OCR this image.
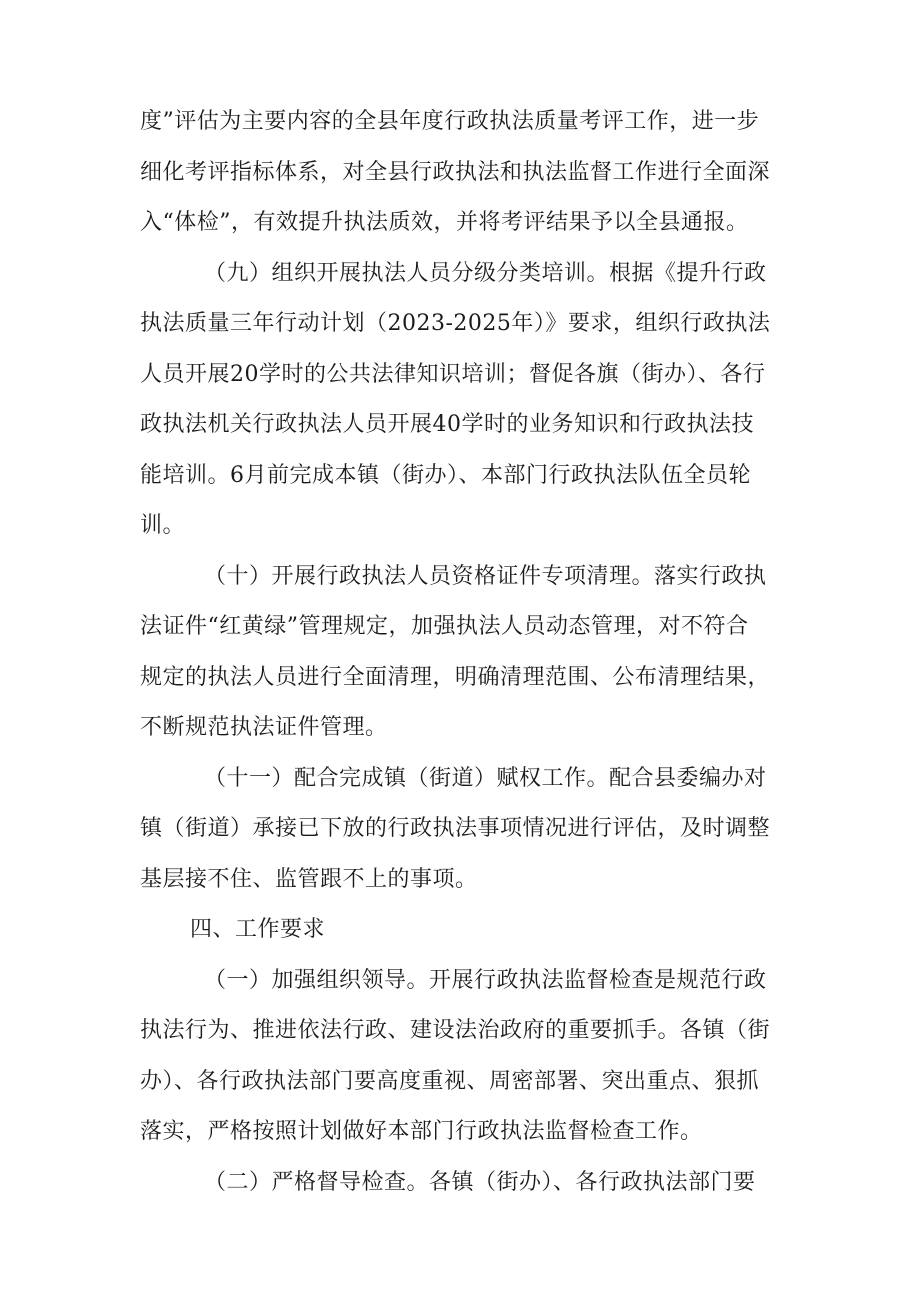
度”评估为主要内容的全县年度行政执法质量考评工作，进一步
细化考评指标体系，对全县行政执法和执法监督工作进行全面深
入“体检”，有效提升执法质效，并将考评结果予以全县通报。
（九）组织开展执法人员分级分类培训。根据《提升行政
执法质量三年行动计划（2023-2025年）》要求，组织行政执法
人员开展20学时的公共法律知识培训；督促各旗（街办）、各行
政执法机关行政执法人员开展40学时的业务知识和行政执法技
能培训。6月前完成本镇（街办）、本部门行政执法队伍全员轮
训。
（十）开展行政执法人员资格证件专项清理。落实行政执
法证件“红黄绿”管理规定，加强执法人员动态管理，对不符合
规定的执法人员进行全面清理，明确清理范围、公布清理结果，
不断规范执法证件管理。
（十一）配合完成镇（街道）赋权工作。配合县委编办对
镇（街道）承接已下放的行政执法事项情况进行评估，及时调整
基层接不住、监管跟不上的事项。
四、工作要求
（一）加强组织领导。开展行政执法监督检查是规范行政
执法行为、推进依法行政、建设法治政府的重要抓手。各镇（街
办）、各行政执法部门要高度重视、周密部署、突出重点、狠抓
落实，严格按照计划做好本部门行政执法监督检查工作。
（二）严格督导检查。各镇（街办）、各行政执法部门要
